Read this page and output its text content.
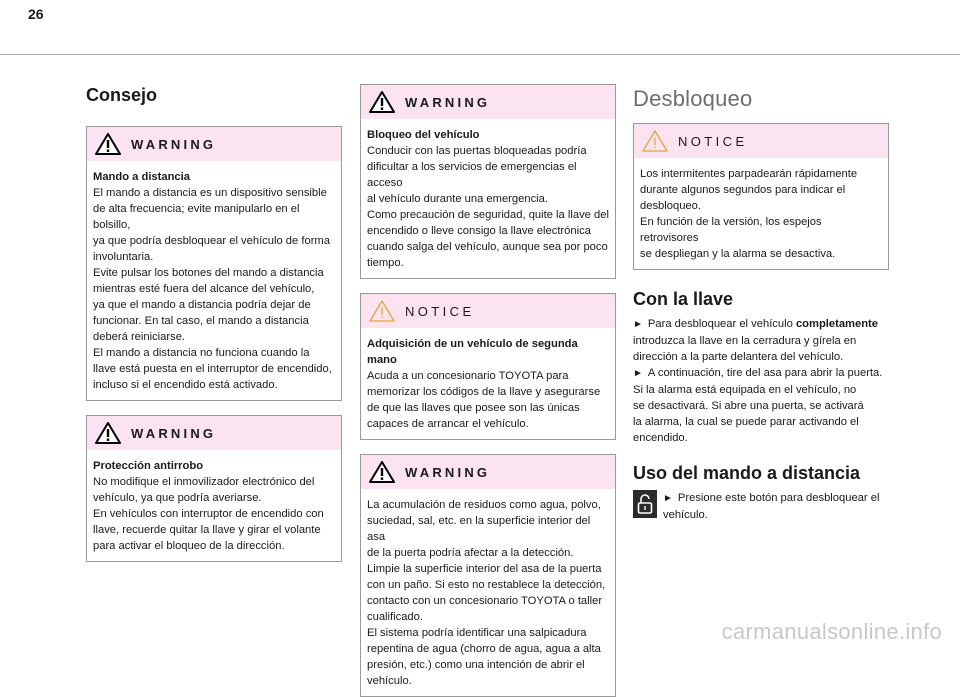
26
Consejo
WARNING
Mando a distancia

El mando a distancia es un dispositivo sensible
de alta frecuencia; evite manipularlo en el bolsillo,
ya que podría desbloquear el vehículo de forma
involuntaria.
Evite pulsar los botones del mando a distancia
mientras esté fuera del alcance del vehículo,
ya que el mando a distancia podría dejar de
funcionar. En tal caso, el mando a distancia
deberá reiniciarse.
El mando a distancia no funciona cuando la
llave está puesta en el interruptor de encendido,
incluso si el encendido está activado.

WARNING
Protección antirrobo

No modifique el inmovilizador electrónico del
vehículo, ya que podría averiarse.
En vehículos con interruptor de encendido con
llave, recuerde quitar la llave y girar el volante
para activar el bloqueo de la dirección.

WARNING
Bloqueo del vehículo

Conducir con las puertas bloqueadas podría
dificultar a los servicios de emergencias el acceso
al vehículo durante una emergencia.
Como precaución de seguridad, quite la llave del
encendido o lleve consigo la llave electrónica
cuando salga del vehículo, aunque sea por poco
tiempo.

NOTICE
Adquisición de un vehículo de segunda mano

Acuda a un concesionario TOYOTA para
memorizar los códigos de la llave y asegurarse
de que las llaves que posee son las únicas
capaces de arrancar el vehículo.

WARNING

La acumulación de residuos como agua, polvo,
suciedad, sal, etc. en la superficie interior del asa
de la puerta podría afectar a la detección.
Limpie la superficie interior del asa de la puerta
con un paño. Si esto no restablece la detección,
contacto con un concesionario TOYOTA o taller
cualificado.
El sistema podría identificar una salpicadura
repentina de agua (chorro de agua, agua a alta
presión, etc.) como una intención de abrir el
vehículo.

Desbloqueo
NOTICE

Los intermitentes parpadearán rápidamente
durante algunos segundos para indicar el
desbloqueo.
En función de la versión, los espejos retrovisores
se despliegan y la alarma se desactiva.

Con la llave

► Para desbloquear el vehículo completamente
introduzca la llave en la cerradura y gírela en
dirección a la parte delantera del vehículo.

► A continuación, tire del asa para abrir la puerta.
Si la alarma está equipada en el vehículo, no
se desactivará. Si abre una puerta, se activará
la alarma, la cual se puede parar activando el
encendido.

Uso del mando a distancia

► Presione este botón para desbloquear el
vehículo.

carmanualsonline.info
